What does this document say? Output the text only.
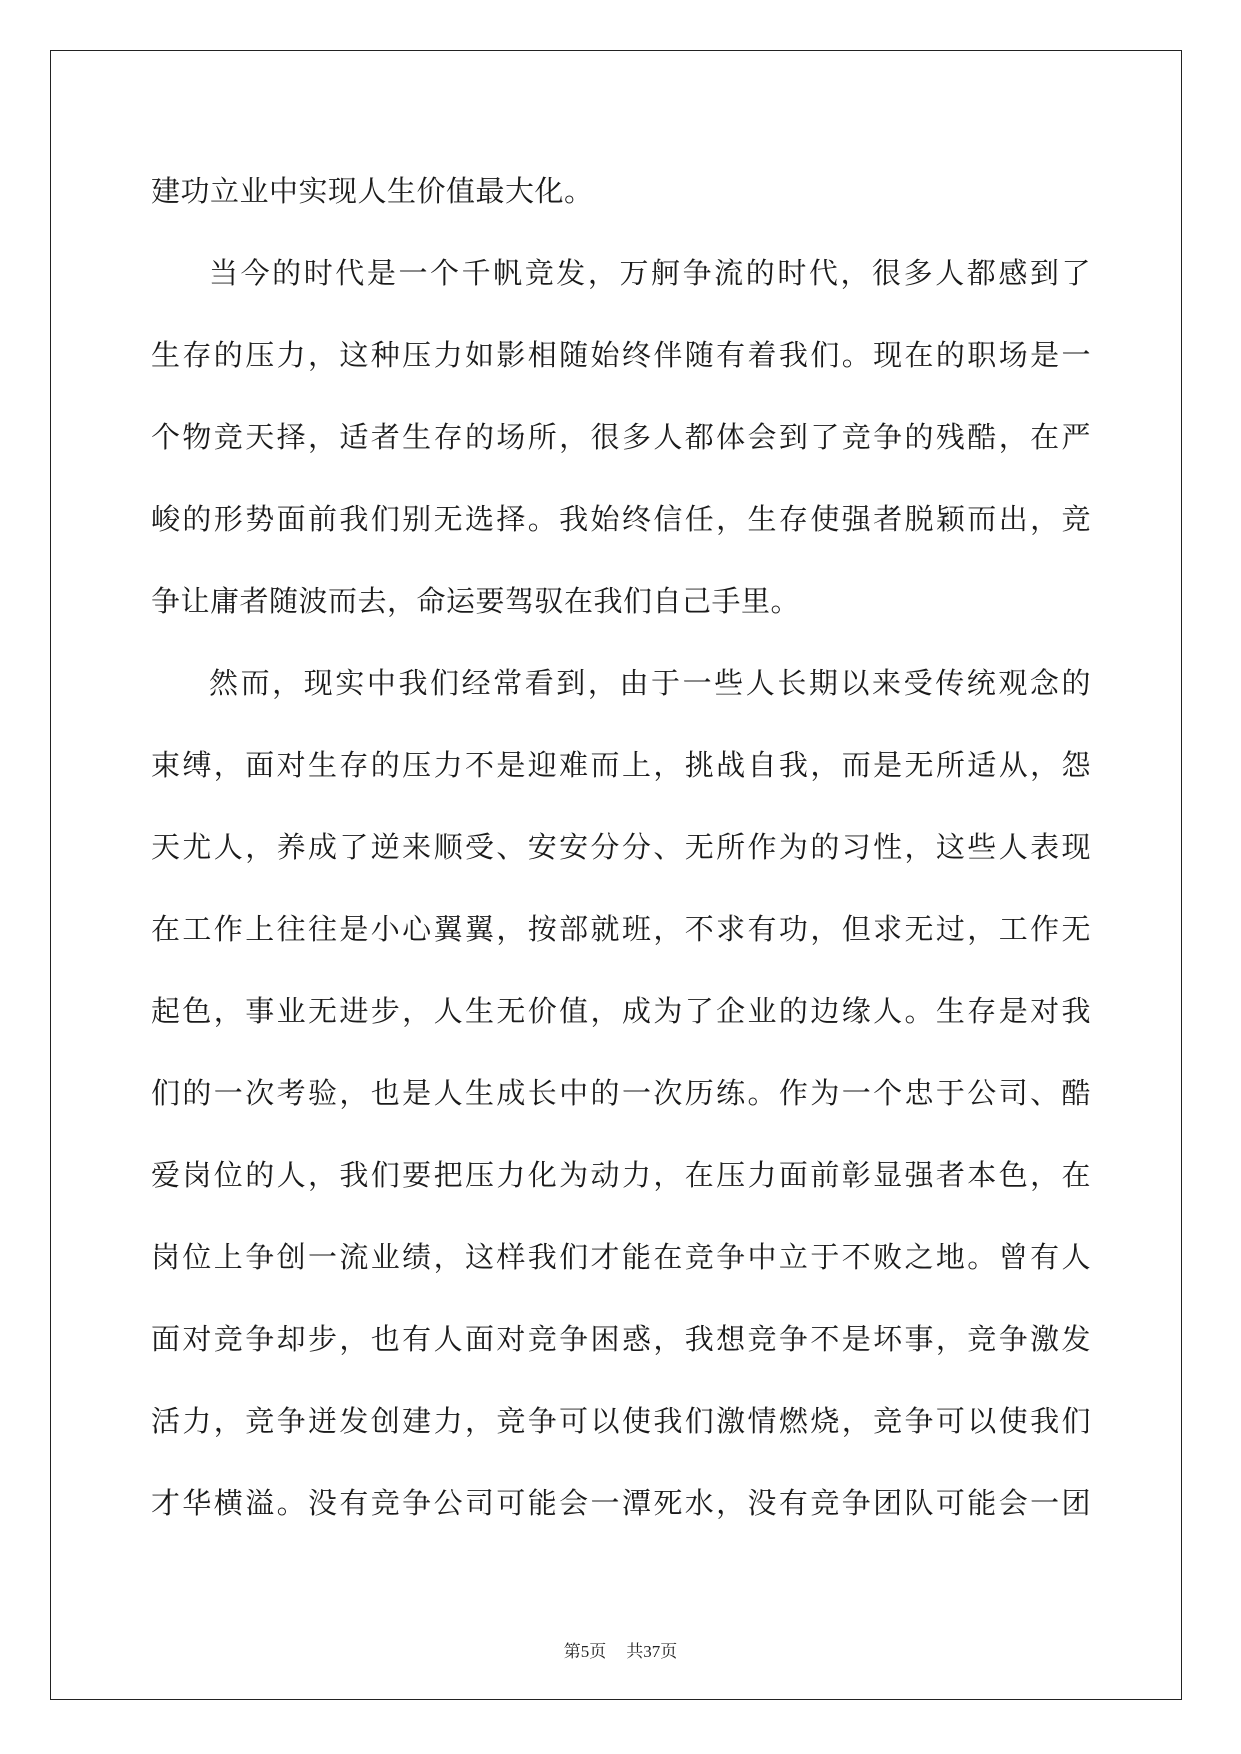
建功立业中实现人生价值最大化。
当今的时代是一个千帆竞发，万舸争流的时代，很多人都感到了
生存的压力，这种压力如影相随始终伴随有着我们。现在的职场是一
个物竞天择，适者生存的场所，很多人都体会到了竞争的残酷，在严
峻的形势面前我们别无选择。我始终信任，生存使强者脱颖而出，竞
争让庸者随波而去，命运要驾驭在我们自己手里。
然而，现实中我们经常看到，由于一些人长期以来受传统观念的
束缚，面对生存的压力不是迎难而上，挑战自我，而是无所适从，怨
天尤人，养成了逆来顺受、安安分分、无所作为的习性，这些人表现
在工作上往往是小心翼翼，按部就班，不求有功，但求无过，工作无
起色，事业无进步，人生无价值，成为了企业的边缘人。生存是对我
们的一次考验，也是人生成长中的一次历练。作为一个忠于公司、酷
爱岗位的人，我们要把压力化为动力，在压力面前彰显强者本色，在
岗位上争创一流业绩，这样我们才能在竞争中立于不败之地。曾有人
面对竞争却步，也有人面对竞争困惑，我想竞争不是坏事，竞争激发
活力，竞争迸发创建力，竞争可以使我们激情燃烧，竞争可以使我们
才华横溢。没有竞争公司可能会一潭死水，没有竞争团队可能会一团
第5页 共37页
